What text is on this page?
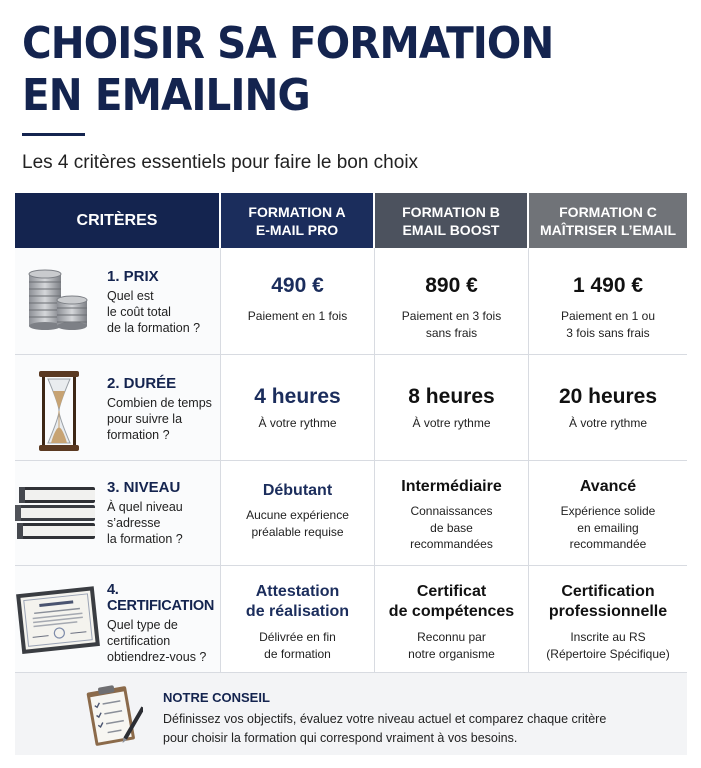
CHOISIR SA FORMATION
EN EMAILING
Les 4 critères essentiels pour faire le bon choix
CRITÈRES	FORMATION A
E-MAIL PRO
FORMATION B
EMAIL BOOST
FORMATION C
MAÎTRISER L’EMAIL
1. PRIX
Quel est
le coût total
de la formation ?
490 €
Paiement en 1 fois
890 €
Paiement en 3 fois
sans frais
1 490 €
Paiement en 1 ou
3 fois sans frais
2. DURÉE
Combien de temps
pour suivre la
formation ?
4 heures
À votre rythme
8 heures
À votre rythme
20 heures
À votre rythme
3. NIVEAU
À quel niveau
s’adresse
la formation ?
Débutant
Aucune expérience
préalable requise
Intermédiaire
Connaissances
de base
recommandées
Avancé
Expérience solide
en emailing
recommandée
4. CERTIFICATION
Quel type de
certification
obtiendrez-vous ?
Attestation
de réalisation
Délivrée en fin
de formation
Certificat
de compétences
Reconnu par
notre organisme
Certification
professionnelle
Inscrite au RS
(Répertoire Spécifique)
NOTRE CONSEIL
Définissez vos objectifs, évaluez votre niveau actuel et comparez chaque critère
pour choisir la formation qui correspond vraiment à vos besoins.
